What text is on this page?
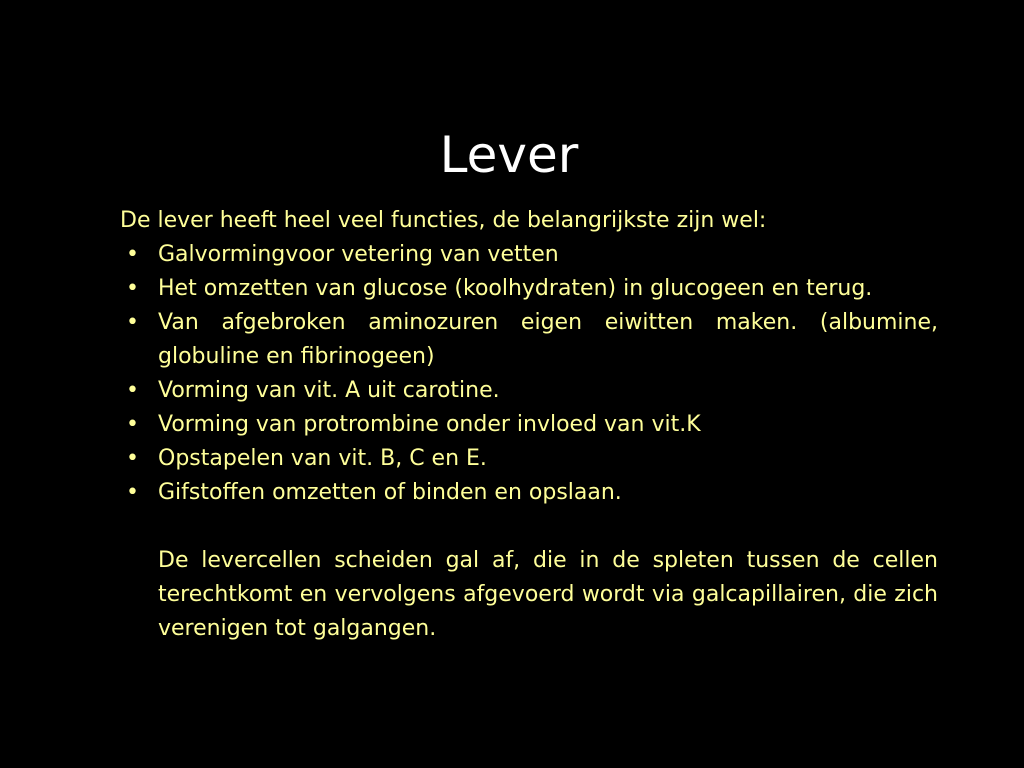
Lever

De lever heeft heel veel functies, de belangrijkste zijn wel:

• Galvormingvoor vetering van vetten
• Het omzetten van glucose (koolhydraten) in glucogeen en terug.
• Van afgebroken aminozuren eigen eiwitten maken. (albumine, globuline en fibrinogeen)
• Vorming van vit. A uit carotine.
• Vorming van protrombine onder invloed van vit.K
• Opstapelen van vit. B, C en E.
• Gifstoffen omzetten of binden en opslaan.

De levercellen scheiden gal af, die in de spleten tussen de cellen terechtkomt en vervolgens afgevoerd wordt via galcapillairen, die zich verenigen tot galgangen.
